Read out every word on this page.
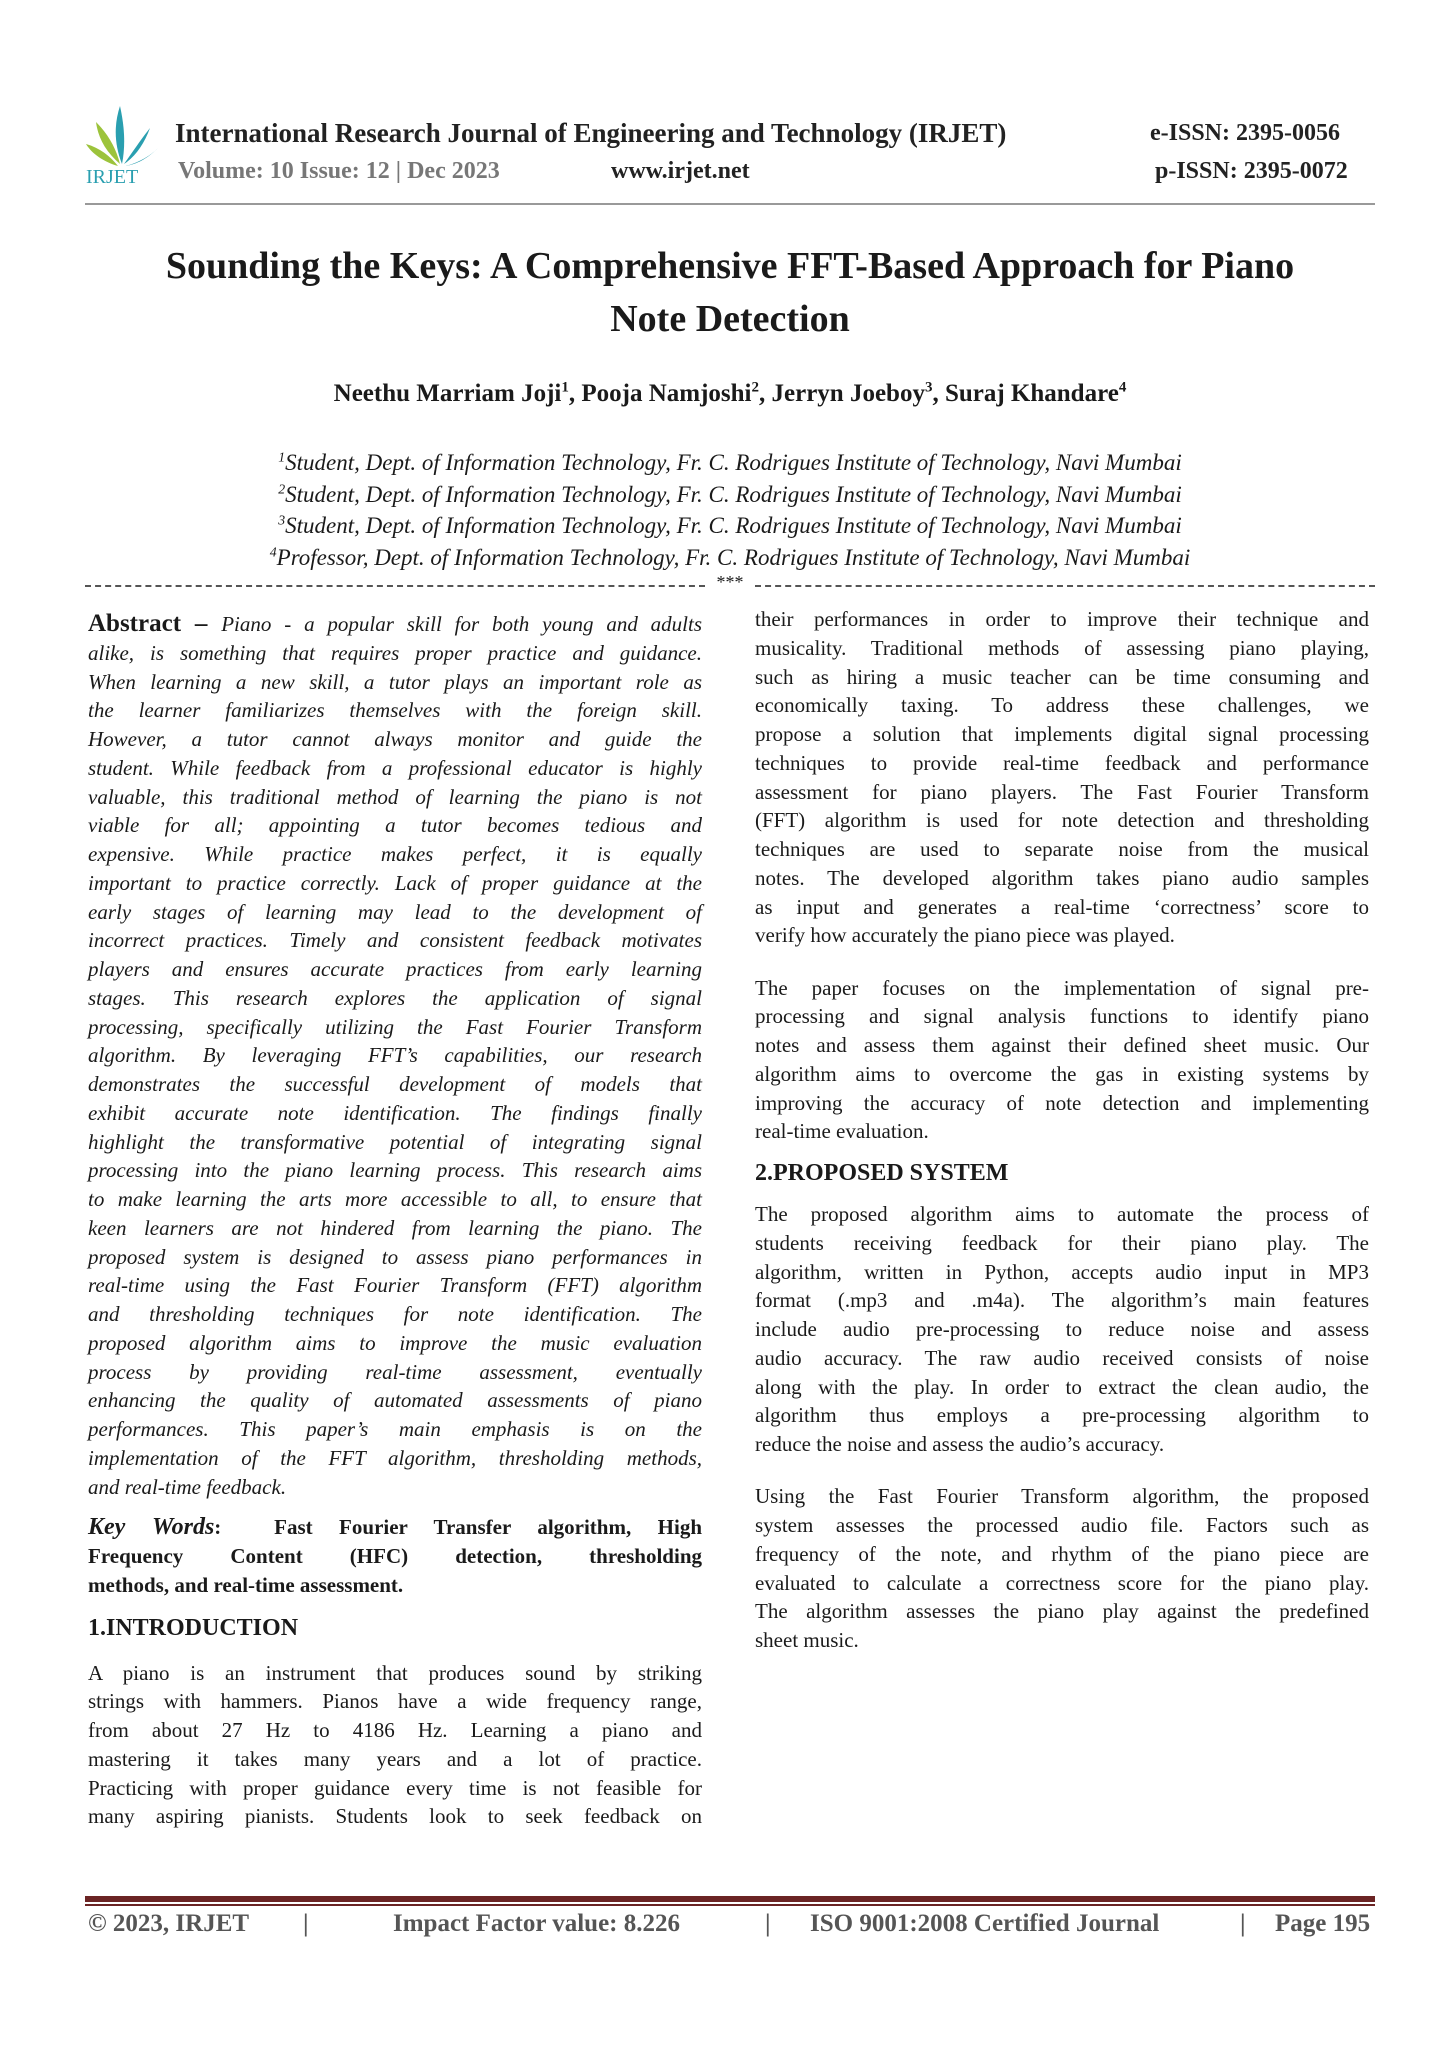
IRJET
International Research Journal of Engineering and Technology (IRJET)	e-ISSN: 2395-0056
Volume: 10 Issue: 12 | Dec 2023	www.irjet.net	p-ISSN: 2395-0072
Sounding the Keys: A Comprehensive FFT-Based Approach for Piano
Note Detection
Neethu Marriam Joji$^1$, Pooja Namjoshi$^2$, Jerryn Joeboy$^3$, Suraj Khandare$^4$
$^1$Student, Dept. of Information Technology, Fr. C. Rodrigues Institute of Technology, Navi Mumbai
$^2$Student, Dept. of Information Technology, Fr. C. Rodrigues Institute of Technology, Navi Mumbai
$^3$Student, Dept. of Information Technology, Fr. C. Rodrigues Institute of Technology, Navi Mumbai
$^4$Professor, Dept. of Information Technology, Fr. C. Rodrigues Institute of Technology, Navi Mumbai
***
Abstract – Piano - a popular skill for both young and adults
alike, is something that requires proper practice and guidance.
When learning a new skill, a tutor plays an important role as
the learner familiarizes themselves with the foreign skill.
However, a tutor cannot always monitor and guide the
student. While feedback from a professional educator is highly
valuable, this traditional method of learning the piano is not
viable for all; appointing a tutor becomes tedious and
expensive. While practice makes perfect, it is equally
important to practice correctly. Lack of proper guidance at the
early stages of learning may lead to the development of
incorrect practices. Timely and consistent feedback motivates
players and ensures accurate practices from early learning
stages. This research explores the application of signal
processing, specifically utilizing the Fast Fourier Transform
algorithm. By leveraging FFT’s capabilities, our research
demonstrates the successful development of models that
exhibit accurate note identification. The findings finally
highlight the transformative potential of integrating signal
processing into the piano learning process. This research aims
to make learning the arts more accessible to all, to ensure that
keen learners are not hindered from learning the piano. The
proposed system is designed to assess piano performances in
real-time using the Fast Fourier Transform (FFT) algorithm
and thresholding techniques for note identification. The
proposed algorithm aims to improve the music evaluation
process by providing real-time assessment, eventually
enhancing the quality of automated assessments of piano
performances. This paper’s main emphasis is on the
implementation of the FFT algorithm, thresholding methods,
and real-time feedback.
Key Words:	Fast Fourier Transfer algorithm, High
Frequency Content (HFC) detection, thresholding
methods, and real-time assessment.
1.INTRODUCTION
A piano is an instrument that produces sound by striking
strings with hammers. Pianos have a wide frequency range,
from about 27 Hz to 4186 Hz. Learning a piano and
mastering it takes many years and a lot of practice.
Practicing with proper guidance every time is not feasible for
many aspiring pianists. Students look to seek feedback on
their performances in order to improve their technique and
musicality. Traditional methods of assessing piano playing,
such as hiring a music teacher can be time consuming and
economically taxing. To address these challenges, we
propose a solution that implements digital signal processing
techniques to provide real-time feedback and performance
assessment for piano players. The Fast Fourier Transform
(FFT) algorithm is used for note detection and thresholding
techniques are used to separate noise from the musical
notes. The developed algorithm takes piano audio samples
as input and generates a real-time ‘correctness’ score to
verify how accurately the piano piece was played.
The paper focuses on the implementation of signal pre-
processing and signal analysis functions to identify piano
notes and assess them against their defined sheet music. Our
algorithm aims to overcome the gas in existing systems by
improving the accuracy of note detection and implementing
real-time evaluation.
2.PROPOSED SYSTEM
The proposed algorithm aims to automate the process of
students receiving feedback for their piano play. The
algorithm, written in Python, accepts audio input in MP3
format (.mp3 and .m4a). The algorithm’s main features
include audio pre-processing to reduce noise and assess
audio accuracy. The raw audio received consists of noise
along with the play. In order to extract the clean audio, the
algorithm thus employs a pre-processing algorithm to
reduce the noise and assess the audio’s accuracy.
Using the Fast Fourier Transform algorithm, the proposed
system assesses the processed audio file. Factors such as
frequency of the note, and rhythm of the piano piece are
evaluated to calculate a correctness score for the piano play.
The algorithm assesses the piano play against the predefined
sheet music.
© 2023, IRJET	|	Impact Factor value: 8.226	|	ISO 9001:2008 Certified Journal	|	Page 195
